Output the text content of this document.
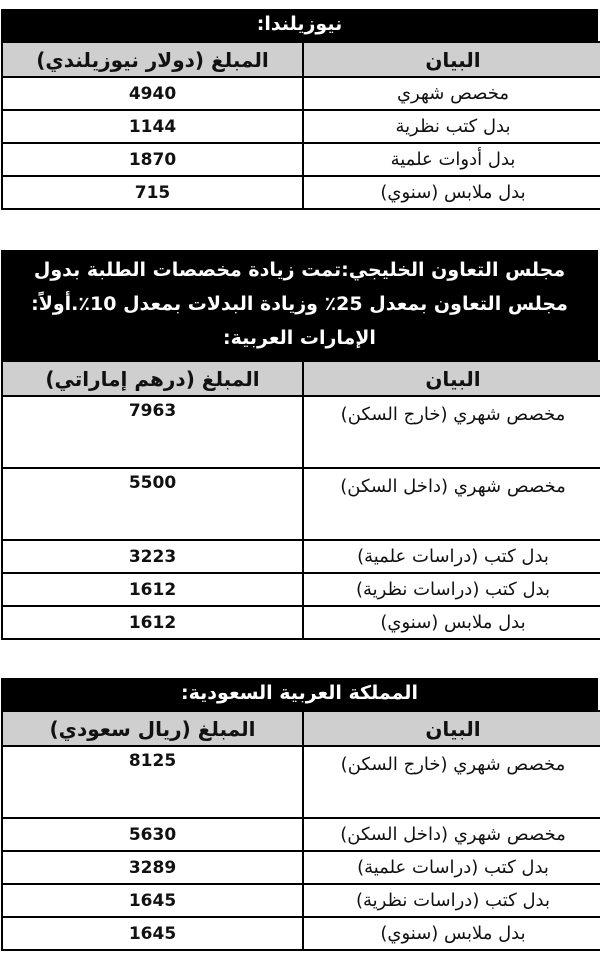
نيوزيلندا:
البيان	المبلغ (دولار نيوزيلندي)
مخصص شهري	4940
بدل كتب نظرية	1144
بدل أدوات علمية	1870
بدل ملابس (سنوي)	715
مجلس التعاون الخليجي:تمت زيادة مخصصات الطلبة بدول مجلس التعاون بمعدل 25٪ وزيادة البدلات بمعدل 10٪.أولاً: الإمارات العربية:
البيان	المبلغ (درهم إماراتي)
مخصص شهري (خارج السكن)	7963
مخصص شهري (داخل السكن)	5500
بدل كتب (دراسات علمية)	3223
بدل كتب (دراسات نظرية)	1612
بدل ملابس (سنوي)	1612
المملكة العربية السعودية:
البيان	المبلغ (ريال سعودي)
مخصص شهري (خارج السكن)	8125
مخصص شهري (داخل السكن)	5630
بدل كتب (دراسات علمية)	3289
بدل كتب (دراسات نظرية)	1645
بدل ملابس (سنوي)	1645
